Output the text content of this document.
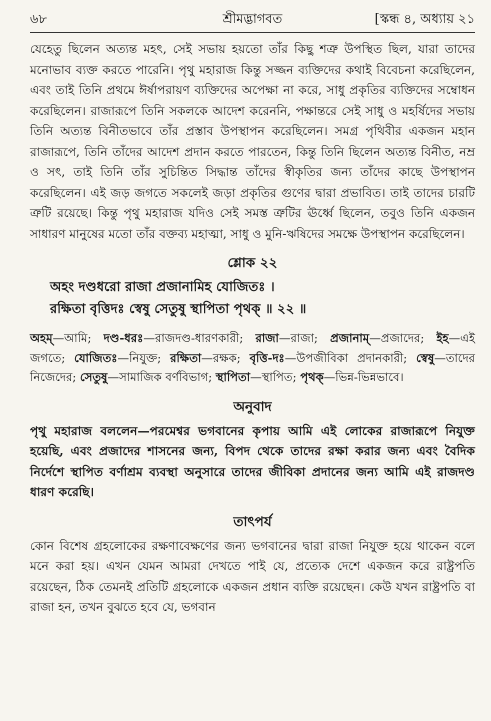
৬৮	শ্রীমদ্ভাগবত	[স্কন্ধ ৪, অধ্যায় ২১

যেহেতু ছিলেন অত্যন্ত মহৎ, সেই সভায় হয়তো তাঁর কিছু শত্রু উপস্থিত ছিল, যারা তাদের মনোভাব ব্যক্ত করতে পারেনি। পৃথু মহারাজ কিন্তু সজ্জন ব্যক্তিদের কথাই বিবেচনা করেছিলেন, এবং তাই তিনি প্রথমে ঈর্ষাপরায়ণ ব্যক্তিদের অপেক্ষা না করে, সাধু প্রকৃতির ব্যক্তিদের সম্বোধন করেছিলেন। রাজারূপে তিনি সকলকে আদেশ করেননি, পক্ষান্তরে সেই সাধু ও মহর্ষিদের সভায় তিনি অত্যন্ত বিনীতভাবে তাঁর প্রস্তাব উপস্থাপন করেছিলেন। সমগ্র পৃথিবীর একজন মহান রাজারূপে, তিনি তাঁদের আদেশ প্রদান করতে পারতেন, কিন্তু তিনি ছিলেন অত্যন্ত বিনীত, নম্র ও সৎ, তাই তিনি তাঁর সুচিন্তিত সিদ্ধান্ত তাঁদের স্বীকৃতির জন্য তাঁদের কাছে উপস্থাপন করেছিলেন। এই জড় জগতে সকলেই জড়া প্রকৃতির গুণের দ্বারা প্রভাবিত। তাই তাদের চারটি ত্রুটি রয়েছে। কিন্তু পৃথু মহারাজ যদিও সেই সমস্ত ত্রুটির ঊর্ধ্বে ছিলেন, তবুও তিনি একজন সাধারণ মানুষের মতো তাঁর বক্তব্য মহাত্মা, সাধু ও মুনি-ঋষিদের সমক্ষে উপস্থাপন করেছিলেন।

শ্লোক ২২
অহং দণ্ডধরো রাজা প্রজানামিহ যোজিতঃ ।
রক্ষিতা বৃত্তিদঃ স্বেষু সেতুষু স্থাপিতা পৃথক্ ॥ ২২ ॥

অহম্—আমি; দণ্ড-ধরঃ—রাজদণ্ড-ধারণকারী; রাজা—রাজা; প্রজানাম্—প্রজাদের; ইহ—এই জগতে; যোজিতঃ—নিযুক্ত; রক্ষিতা—রক্ষক; বৃত্তি-দঃ—উপজীবিকা প্রদানকারী; স্বেষু—তাদের নিজেদের; সেতুষু—সামাজিক বর্ণবিভাগ; স্থাপিতা—স্থাপিত; পৃথক্—ভিন্ন-ভিন্নভাবে।

অনুবাদ

পৃথু মহারাজ বললেন—পরমেশ্বর ভগবানের কৃপায় আমি এই লোকের রাজারূপে নিযুক্ত হয়েছি, এবং প্রজাদের শাসনের জন্য, বিপদ থেকে তাদের রক্ষা করার জন্য এবং বৈদিক নির্দেশে স্থাপিত বর্ণাশ্রম ব্যবস্থা অনুসারে তাদের জীবিকা প্রদানের জন্য আমি এই রাজদণ্ড ধারণ করেছি।

তাৎপর্য

কোন বিশেষ গ্রহলোকের রক্ষণাবেক্ষণের জন্য ভগবানের দ্বারা রাজা নিযুক্ত হয়ে থাকেন বলে মনে করা হয়। এখন যেমন আমরা দেখতে পাই যে, প্রত্যেক দেশে একজন করে রাষ্ট্রপতি রয়েছেন, ঠিক তেমনই প্রতিটি গ্রহলোকে একজন প্রধান ব্যক্তি রয়েছেন। কেউ যখন রাষ্ট্রপতি বা রাজা হন, তখন বুঝতে হবে যে, ভগবান
